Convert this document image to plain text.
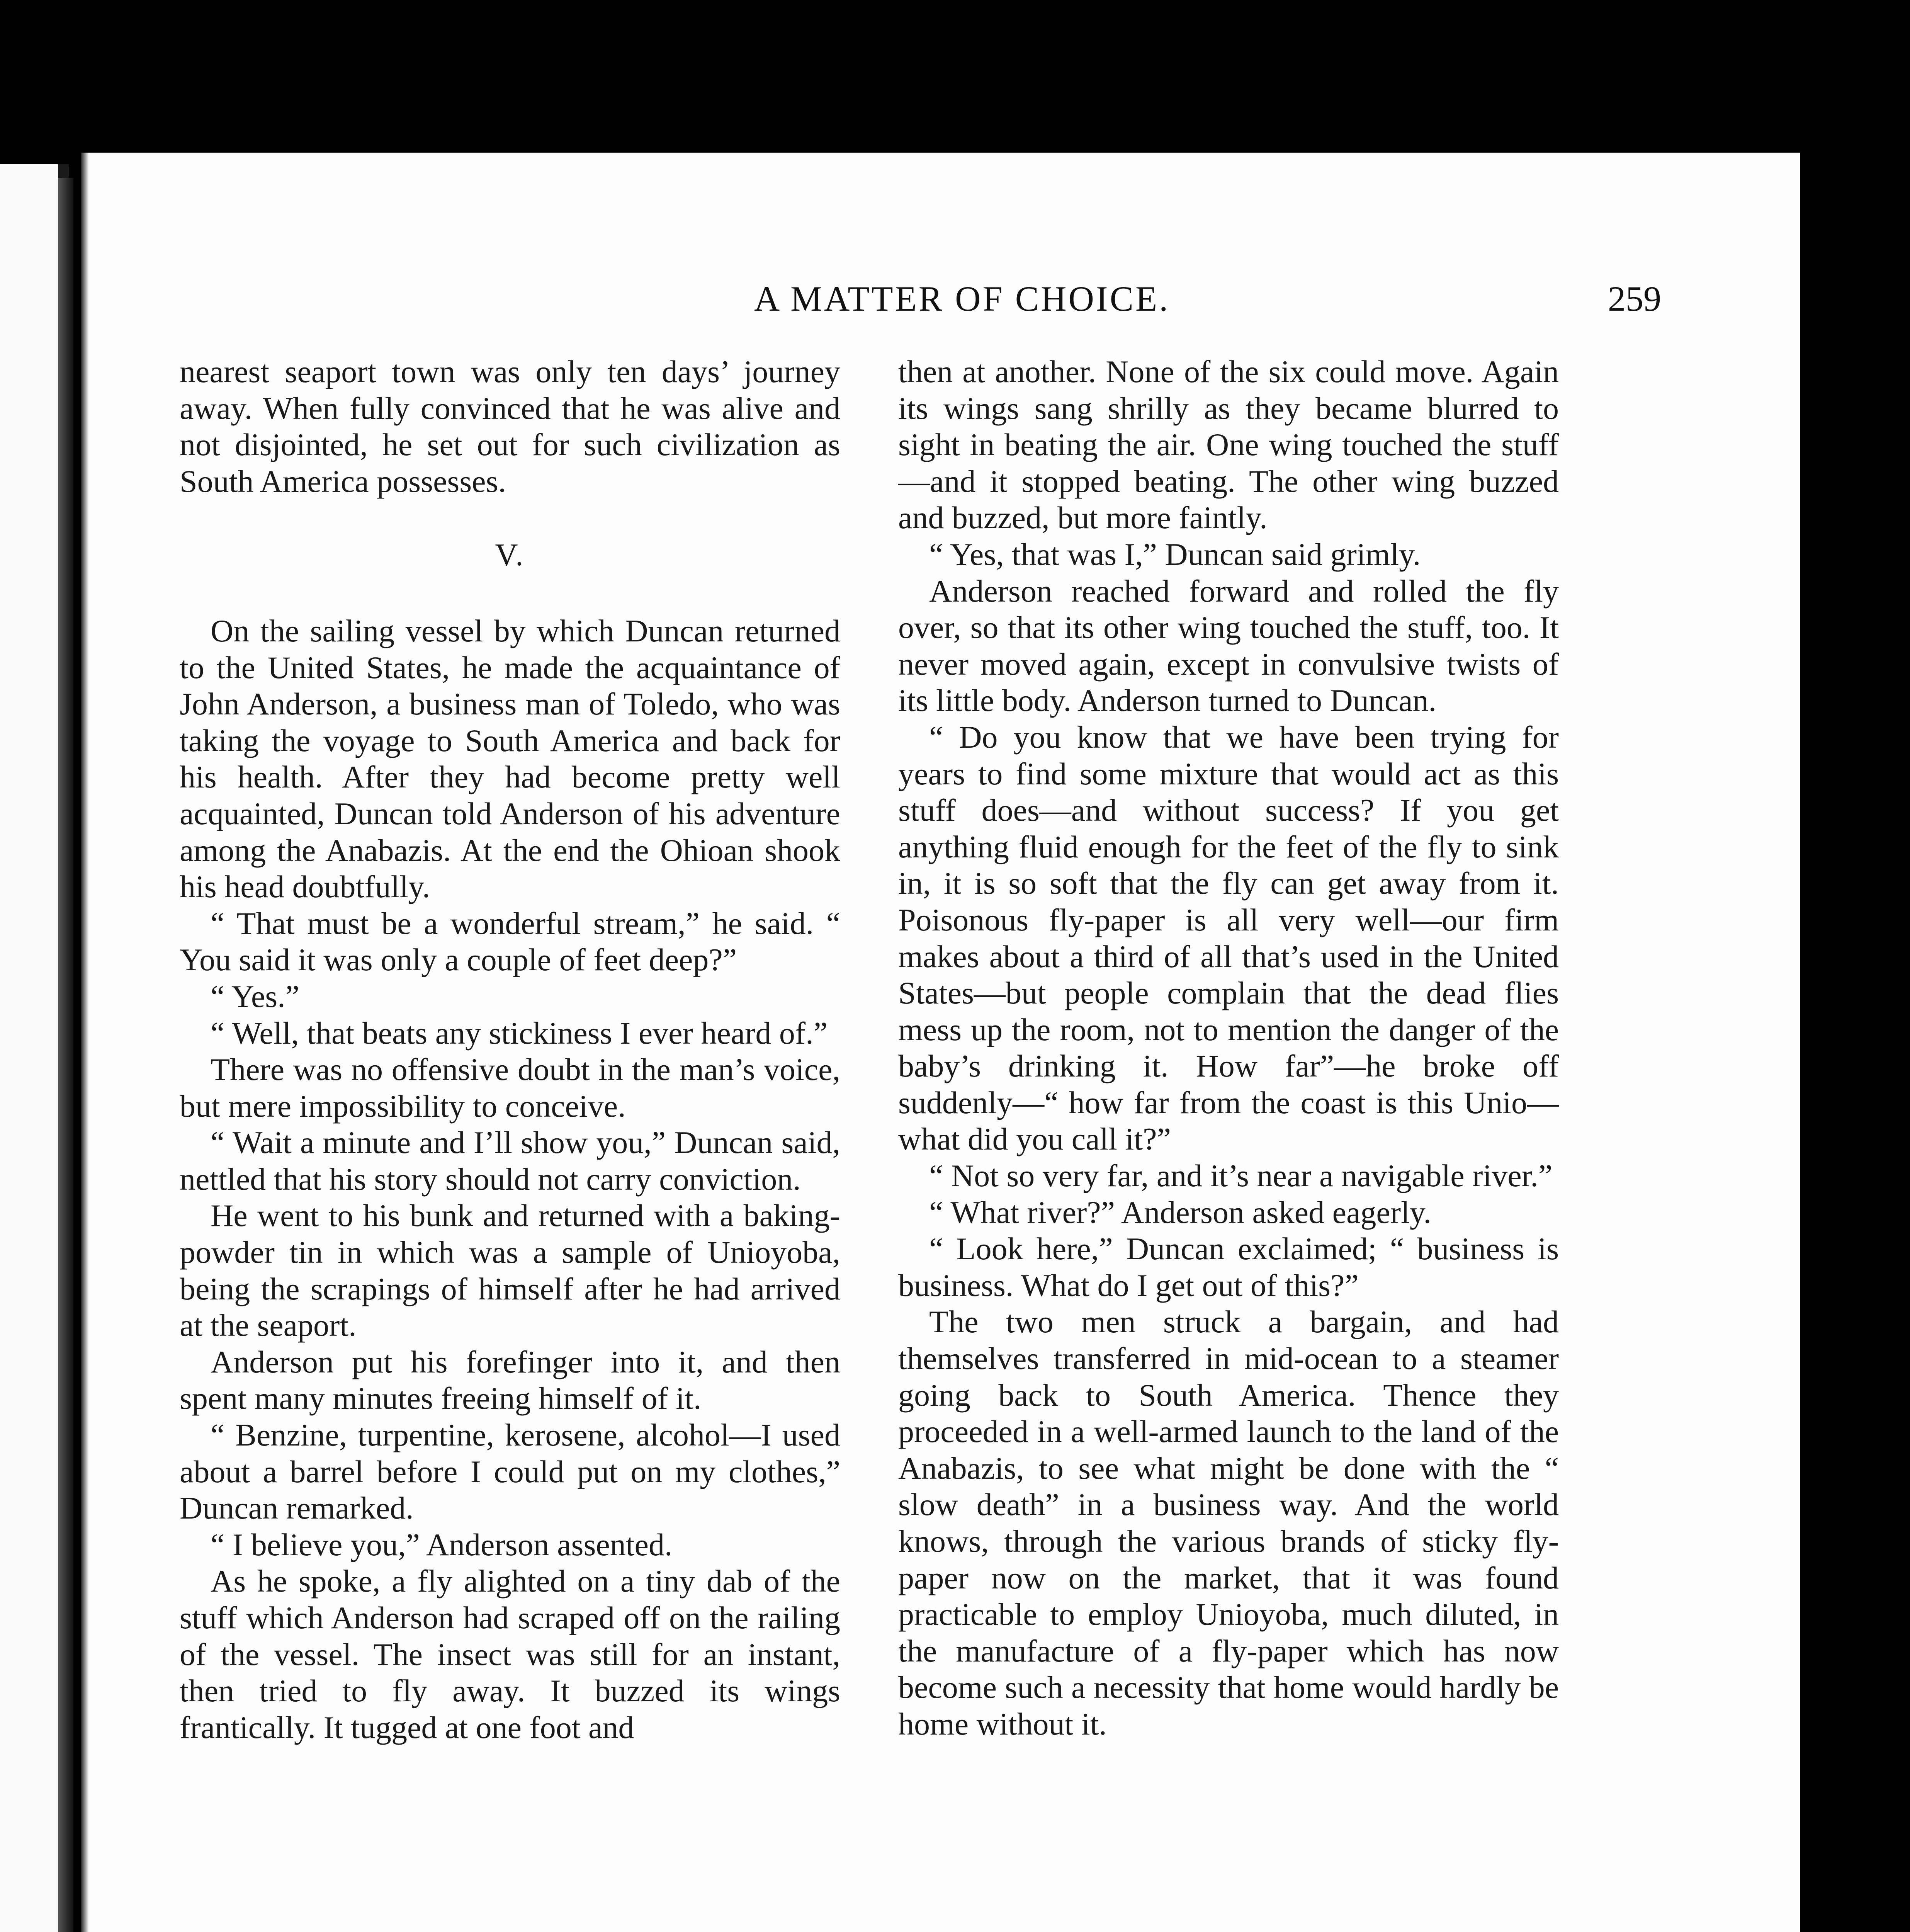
A MATTER OF CHOICE.	259

nearest seaport town was only ten days’ journey away. When fully convinced that he was alive and not disjointed, he set out for such civilization as South America possesses.

V.

On the sailing vessel by which Duncan returned to the United States, he made the acquaintance of John Anderson, a business man of Toledo, who was taking the voyage to South America and back for his health. After they had become pretty well acquainted, Duncan told Anderson of his adventure among the Anabazis. At the end the Ohioan shook his head doubtfully.

“ That must be a wonderful stream,” he said. “ You said it was only a couple of feet deep?”

“ Yes.”

“ Well, that beats any stickiness I ever heard of.”

There was no offensive doubt in the man’s voice, but mere impossibility to conceive.

“ Wait a minute and I’ll show you,” Duncan said, nettled that his story should not carry conviction.

He went to his bunk and returned with a baking-powder tin in which was a sample of Unioyoba, being the scrapings of himself after he had arrived at the seaport.

Anderson put his forefinger into it, and then spent many minutes freeing himself of it.

“ Benzine, turpentine, kerosene, alcohol—I used about a barrel before I could put on my clothes,” Duncan remarked.

“ I believe you,” Anderson assented.

As he spoke, a fly alighted on a tiny dab of the stuff which Anderson had scraped off on the railing of the vessel. The insect was still for an instant, then tried to fly away. It buzzed its wings frantically. It tugged at one foot and

then at another. None of the six could move. Again its wings sang shrilly as they became blurred to sight in beating the air. One wing touched the stuff—and it stopped beating. The other wing buzzed and buzzed, but more faintly.

“ Yes, that was I,” Duncan said grimly.

Anderson reached forward and rolled the fly over, so that its other wing touched the stuff, too. It never moved again, except in convulsive twists of its little body. Anderson turned to Duncan.

“ Do you know that we have been trying for years to find some mixture that would act as this stuff does—and without success? If you get anything fluid enough for the feet of the fly to sink in, it is so soft that the fly can get away from it. Poisonous fly-paper is all very well—our firm makes about a third of all that’s used in the United States—but people complain that the dead flies mess up the room, not to mention the danger of the baby’s drinking it. How far”—he broke off suddenly—“ how far from the coast is this Unio—what did you call it?”

“ Not so very far, and it’s near a navigable river.”

“ What river?” Anderson asked eagerly.

“ Look here,” Duncan exclaimed; “ business is business. What do I get out of this?”

The two men struck a bargain, and had themselves transferred in mid-ocean to a steamer going back to South America. Thence they proceeded in a well-armed launch to the land of the Anabazis, to see what might be done with the “ slow death” in a business way. And the world knows, through the various brands of sticky fly-paper now on the market, that it was found practicable to employ Unioyoba, much diluted, in the manufacture of a fly-paper which has now become such a necessity that home would hardly be home without it.
